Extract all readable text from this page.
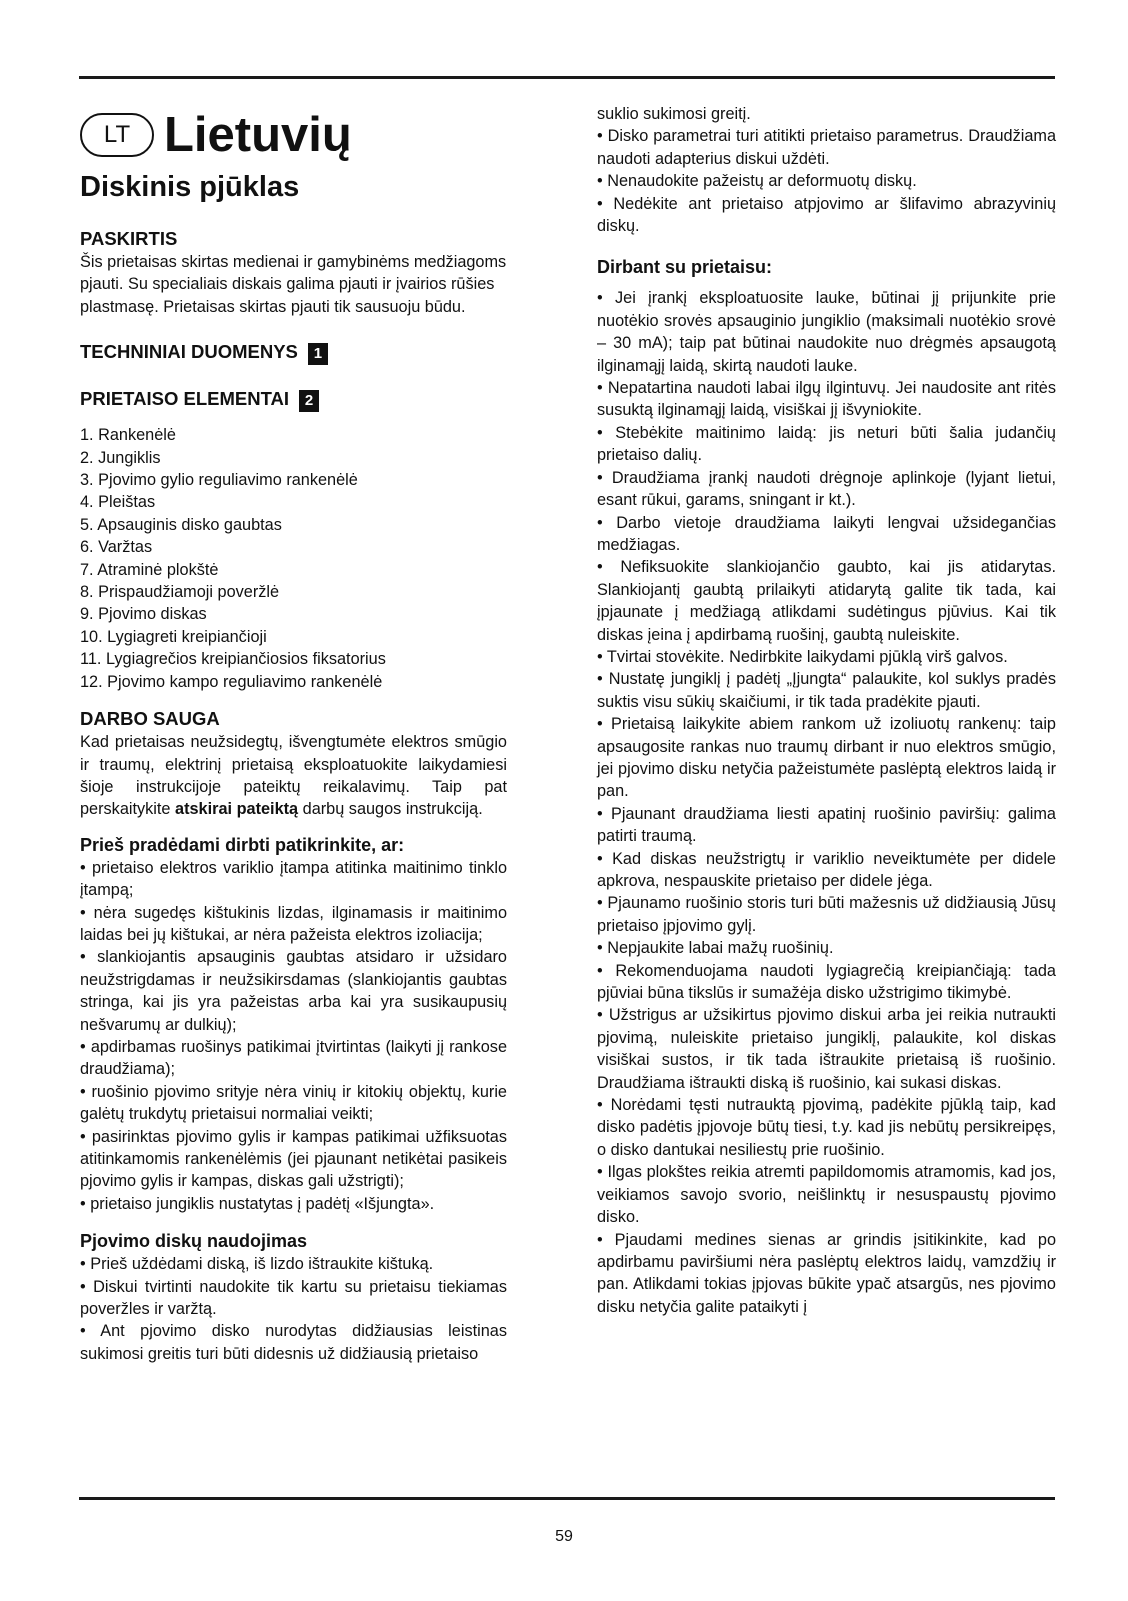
LT Lietuvių
Diskinis pjūklas
PASKIRTIS

Šis prietaisas skirtas medienai ir gamybinėms medžiagoms pjauti. Su specialiais diskais galima pjauti ir įvairios rūšies plastmasę. Prietaisas skirtas pjauti tik sausuoju būdu.

TECHNINIAI DUOMENYS 1
PRIETAISO ELEMENTAI 2
1. Rankenėlė
2. Jungiklis
3. Pjovimo gylio reguliavimo rankenėlė
4. Pleištas
5. Apsauginis disko gaubtas
6. Varžtas
7. Atraminė plokštė
8. Prispaudžiamoji poveržlė
9. Pjovimo diskas
10. Lygiagreti kreipiančioji
11. Lygiagrečios kreipiančiosios fiksatorius
12. Pjovimo kampo reguliavimo rankenėlė
DARBO SAUGA

Kad prietaisas neužsidegtų, išvengtumėte elektros smūgio ir traumų, elektrinį prietaisą eksploatuokite laikydamiesi šioje instrukcijoje pateiktų reikalavimų. Taip pat perskaitykite atskirai pateiktą darbų saugos instrukciją.

Prieš pradėdami dirbti patikrinkite, ar:
• prietaiso elektros variklio įtampa atitinka maitinimo tinklo įtampą;
• nėra sugedęs kištukinis lizdas, ilginamasis ir maitinimo laidas bei jų kištukai, ar nėra pažeista elektros izoliacija;
• slankiojantis apsauginis gaubtas atsidaro ir užsidaro neužstrigdamas ir neužsikirsdamas (slankiojantis gaubtas stringa, kai jis yra pažeistas arba kai yra susikaupusių nešvarumų ar dulkių);
• apdirbamas ruošinys patikimai įtvirtintas (laikyti jį rankose draudžiama);
• ruošinio pjovimo srityje nėra vinių ir kitokių objektų, kurie galėtų trukdytų prietaisui normaliai veikti;
• pasirinktas pjovimo gylis ir kampas patikimai užfiksuotas atitinkamomis rankenėlėmis (jei pjaunant netikėtai pasikeis pjovimo gylis ir kampas, diskas gali užstrigti);
• prietaiso jungiklis nustatytas į padėtį «Išjungta».
Pjovimo diskų naudojimas
• Prieš uždėdami diską, iš lizdo ištraukite kištuką.
• Diskui tvirtinti naudokite tik kartu su prietaisu tiekiamas poveržles ir varžtą.
• Ant pjovimo disko nurodytas didžiausias leistinas sukimosi greitis turi būti didesnis už didžiausią prietaiso
suklio sukimosi greitį.
• Disko parametrai turi atitikti prietaiso parametrus. Draudžiama naudoti adapterius diskui uždėti.
• Nenaudokite pažeistų ar deformuotų diskų.
• Nedėkite ant prietaiso atpjovimo ar šlifavimo abrazyvinių diskų.
Dirbant su prietaisu:
• Jei įrankį eksploatuosite lauke, būtinai jį prijunkite prie nuotėkio srovės apsauginio jungiklio (maksimali nuotėkio srovė – 30 mA); taip pat būtinai naudokite nuo drėgmės apsaugotą ilginamąjį laidą, skirtą naudoti lauke.
• Nepatartina naudoti labai ilgų ilgintuvų. Jei naudosite ant ritės susuktą ilginamąjį laidą, visiškai jį išvyniokite.
• Stebėkite maitinimo laidą: jis neturi būti šalia judančių prietaiso dalių.
• Draudžiama įrankį naudoti drėgnoje aplinkoje (lyjant lietui, esant rūkui, garams, sningant ir kt.).
• Darbo vietoje draudžiama laikyti lengvai užsidegančias medžiagas.
• Nefiksuokite slankiojančio gaubto, kai jis atidarytas. Slankiojantį gaubtą prilaikyti atidarytą galite tik tada, kai įpjaunate į medžiagą atlikdami sudėtingus pjūvius. Kai tik diskas įeina į apdirbamą ruošinį, gaubtą nuleiskite.
• Tvirtai stovėkite. Nedirbkite laikydami pjūklą virš galvos.
• Nustatę jungiklį į padėtį „Įjungta“ palaukite, kol suklys pradės suktis visu sūkių skaičiumi, ir tik tada pradėkite pjauti.
• Prietaisą laikykite abiem rankom už izoliuotų rankenų: taip apsaugosite rankas nuo traumų dirbant ir nuo elektros smūgio, jei pjovimo disku netyčia pažeistumėte paslėptą elektros laidą ir pan.
• Pjaunant draudžiama liesti apatinį ruošinio paviršių: galima patirti traumą.
• Kad diskas neužstrigtų ir variklio neveiktumėte per didele apkrova, nespauskite prietaiso per didele jėga.
• Pjaunamo ruošinio storis turi būti mažesnis už didžiausią Jūsų prietaiso įpjovimo gylį.
• Nepjaukite labai mažų ruošinių.
• Rekomenduojama naudoti lygiagrečią kreipiančiąją: tada pjūviai būna tikslūs ir sumažėja disko užstrigimo tikimybė.
• Užstrigus ar užsikirtus pjovimo diskui arba jei reikia nutraukti pjovimą, nuleiskite prietaiso jungiklį, palaukite, kol diskas visiškai sustos, ir tik tada ištraukite prietaisą iš ruošinio. Draudžiama ištraukti diską iš ruošinio, kai sukasi diskas.
• Norėdami tęsti nutrauktą pjovimą, padėkite pjūklą taip, kad disko padėtis įpjovoje būtų tiesi, t.y. kad jis nebūtų persikreipęs, o disko dantukai nesiliestų prie ruošinio.
• Ilgas plokštes reikia atremti papildomomis atramomis, kad jos, veikiamos savojo svorio, neišlinktų ir nesuspaustų pjovimo disko.
• Pjaudami medines sienas ar grindis įsitikinkite, kad po apdirbamu paviršiumi nėra paslėptų elektros laidų, vamzdžių ir pan. Atlikdami tokias įpjovas būkite ypač atsargūs, nes pjovimo disku netyčia galite pataikyti į
59
